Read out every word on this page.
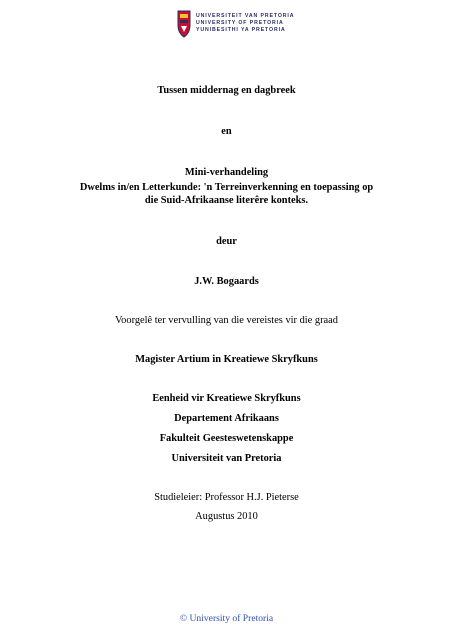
UNIVERSITEIT VAN PRETORIA
UNIVERSITY OF PRETORIA
YUNIBESITHI YA PRETORIA
Tussen middernag en dagbreek
en
Mini-verhandeling
Dwelms in/en Letterkunde: 'n Terreinverkenning en toepassing op
die Suid-Afrikaanse literêre konteks.
deur
J.W. Bogaards
Voorgelê ter vervulling van die vereistes vir die graad
Magister Artium in Kreatiewe Skryfkuns
Eenheid vir Kreatiewe Skryfkuns
Departement Afrikaans
Fakulteit Geesteswetenskappe
Universiteit van Pretoria
Studieleier: Professor H.J. Pieterse
Augustus 2010
© University of Pretoria
